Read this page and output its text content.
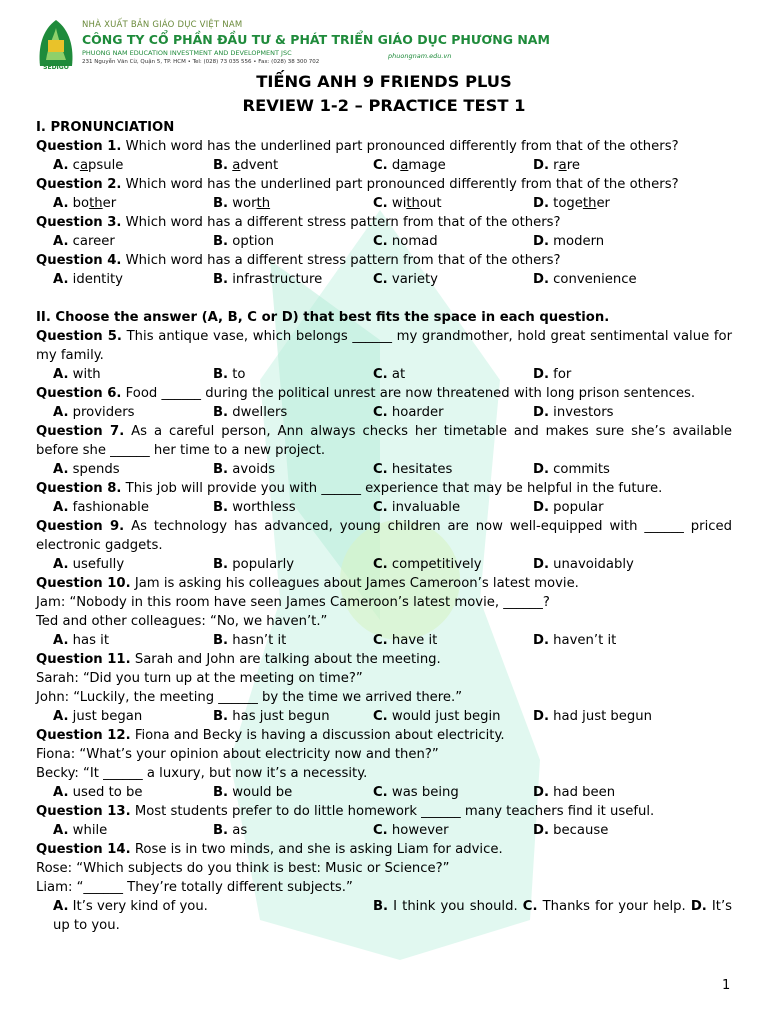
SEDIGO
NHÀ XUẤT BẢN GIÁO DỤC VIỆT NAM
CÔNG TY CỔ PHẦN ĐẦU TƯ & PHÁT TRIỂN GIÁO DỤC PHƯƠNG NAM
PHUONG NAM EDUCATION INVESTMENT AND DEVELOPMENT JSC
231 Nguyễn Văn Cừ, Quận 5, TP. HCM • Tel: (028) 73 035 556 • Fax: (028) 38 300 702
phuongnam.edu.vn
TIẾNG ANH 9 FRIENDS PLUS
REVIEW 1-2 – PRACTICE TEST 1
I. PRONUNCIATION
Question 1. Which word has the underlined part pronounced differently from that of the others?
A. capsule	B. advent	C. damage	D. rare
Question 2. Which word has the underlined part pronounced differently from that of the others?
A. bother	B. worth	C. without	D. together
Question 3. Which word has a different stress pattern from that of the others?
A. career	B. option	C. nomad	D. modern
Question 4. Which word has a different stress pattern from that of the others?
A. identity	B. infrastructure	C. variety	D. convenience
II. Choose the answer (A, B, C or D) that best fits the space in each question.
Question 5. This antique vase, which belongs ______ my grandmother, hold great sentimental value for my family.
A. with	B. to	C. at	D. for
Question 6. Food ______ during the political unrest are now threatened with long prison sentences.
A. providers	B. dwellers	C. hoarder	D. investors
Question 7. As a careful person, Ann always checks her timetable and makes sure she’s available before she ______ her time to a new project.
A. spends	B. avoids	C. hesitates	D. commits
Question 8. This job will provide you with ______ experience that may be helpful in the future.
A. fashionable	B. worthless	C. invaluable	D. popular
Question 9. As technology has advanced, young children are now well-equipped with ______ priced electronic gadgets.
A. usefully	B. popularly	C. competitively	D. unavoidably
Question 10. Jam is asking his colleagues about James Cameroon’s latest movie.
Jam: “Nobody in this room have seen James Cameroon’s latest movie, ______?
Ted and other colleagues: “No, we haven’t.”
A. has it	B. hasn’t it	C. have it	D. haven’t it
Question 11. Sarah and John are talking about the meeting.
Sarah: “Did you turn up at the meeting on time?”
John: “Luckily, the meeting ______ by the time we arrived there.”
A. just began	B. has just begun	C. would just begin	D. had just begun
Question 12. Fiona and Becky is having a discussion about electricity.
Fiona: “What’s your opinion about electricity now and then?”
Becky: “It ______ a luxury, but now it’s a necessity.
A. used to be	B. would be	C. was being	D. had been
Question 13. Most students prefer to do little homework ______ many teachers find it useful.
A. while	B. as	C. however	D. because
Question 14. Rose is in two minds, and she is asking Liam for advice.
Rose: “Which subjects do you think is best: Music or Science?”
Liam: “______ They’re totally different subjects.”
A. It’s very kind of you.	B. I think you should. C. Thanks for your help. D. It’s up to you.
1
